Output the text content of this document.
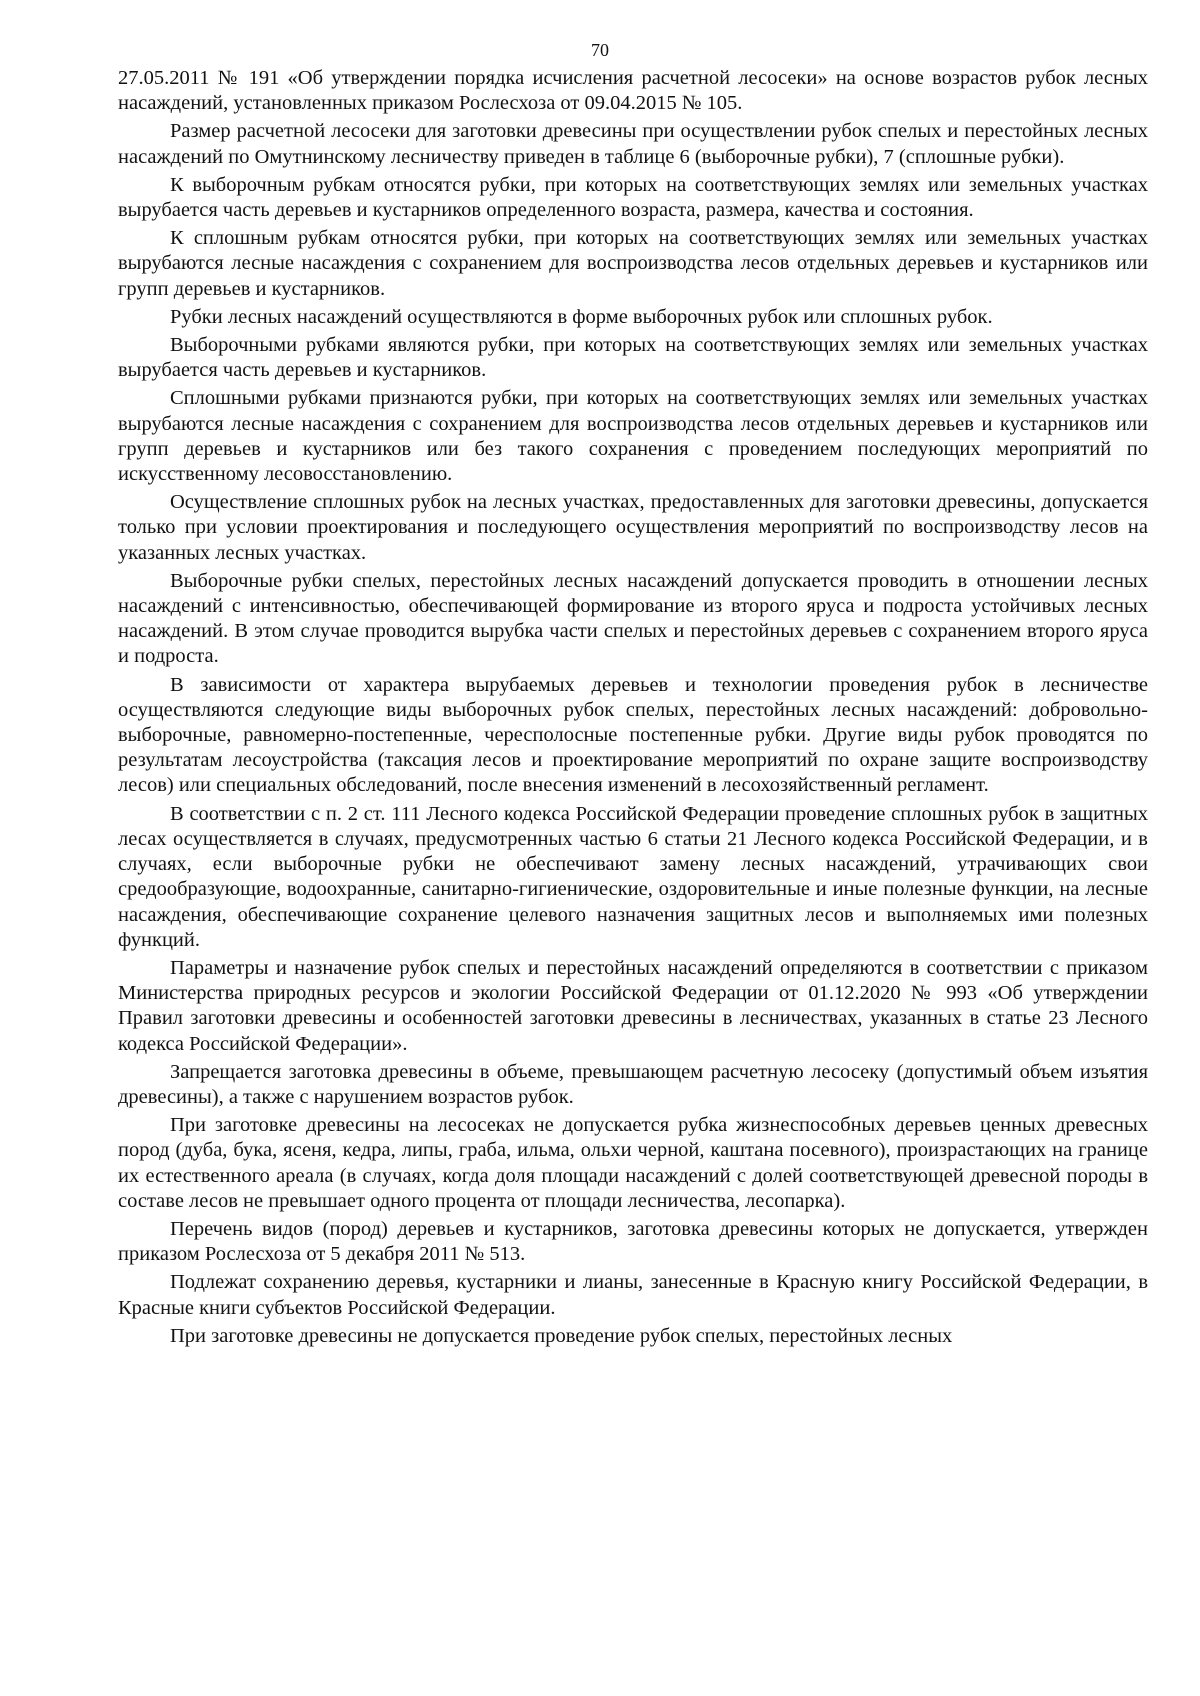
70

27.05.2011 № 191 «Об утверждении порядка исчисления расчетной лесосеки» на основе возрастов рубок лесных насаждений, установленных приказом Рослесхоза от 09.04.2015 № 105.

Размер расчетной лесосеки для заготовки древесины при осуществлении рубок спелых и перестойных лесных насаждений по Омутнинскому лесничеству приведен в таблице 6 (выборочные рубки), 7 (сплошные рубки).

К выборочным рубкам относятся рубки, при которых на соответствующих землях или земельных участках вырубается часть деревьев и кустарников определенного возраста, размера, качества и состояния.

К сплошным рубкам относятся рубки, при которых на соответствующих землях или земельных участках вырубаются лесные насаждения с сохранением для воспроизводства лесов отдельных деревьев и кустарников или групп деревьев и кустарников.

Рубки лесных насаждений осуществляются в форме выборочных рубок или сплошных рубок.

Выборочными рубками являются рубки, при которых на соответствующих землях или земельных участках вырубается часть деревьев и кустарников.

Сплошными рубками признаются рубки, при которых на соответствующих землях или земельных участках вырубаются лесные насаждения с сохранением для воспроизводства лесов отдельных деревьев и кустарников или групп деревьев и кустарников или без такого сохранения с проведением последующих мероприятий по искусственному лесовосстановлению.

Осуществление сплошных рубок на лесных участках, предоставленных для заготовки древесины, допускается только при условии проектирования и последующего осуществления мероприятий по воспроизводству лесов на указанных лесных участках.

Выборочные рубки спелых, перестойных лесных насаждений допускается проводить в отношении лесных насаждений с интенсивностью, обеспечивающей формирование из второго яруса и подроста устойчивых лесных насаждений. В этом случае проводится вырубка части спелых и перестойных деревьев с сохранением второго яруса и подроста.

В зависимости от характера вырубаемых деревьев и технологии проведения рубок в лесничестве осуществляются следующие виды выборочных рубок спелых, перестойных лесных насаждений: добровольно-выборочные, равномерно-постепенные, чересполосные постепенные рубки. Другие виды рубок проводятся по результатам лесоустройства (таксация лесов и проектирование мероприятий по охране защите воспроизводству лесов) или специальных обследований, после внесения изменений в лесохозяйственный регламент.

В соответствии с п. 2 ст. 111 Лесного кодекса Российской Федерации проведение сплошных рубок в защитных лесах осуществляется в случаях, предусмотренных частью 6 статьи 21 Лесного кодекса Российской Федерации, и в случаях, если выборочные рубки не обеспечивают замену лесных насаждений, утрачивающих свои средообразующие, водоохранные, санитарно-гигиенические, оздоровительные и иные полезные функции, на лесные насаждения, обеспечивающие сохранение целевого назначения защитных лесов и выполняемых ими полезных функций.

Параметры и назначение рубок спелых и перестойных насаждений определяются в соответствии с приказом Министерства природных ресурсов и экологии Российской Федерации от 01.12.2020 № 993 «Об утверждении Правил заготовки древесины и особенностей заготовки древесины в лесничествах, указанных в статье 23 Лесного кодекса Российской Федерации».

Запрещается заготовка древесины в объеме, превышающем расчетную лесосеку (допустимый объем изъятия древесины), а также с нарушением возрастов рубок.

При заготовке древесины на лесосеках не допускается рубка жизнеспособных деревьев ценных древесных пород (дуба, бука, ясеня, кедра, липы, граба, ильма, ольхи черной, каштана посевного), произрастающих на границе их естественного ареала (в случаях, когда доля площади насаждений с долей соответствующей древесной породы в составе лесов не превышает одного процента от площади лесничества, лесопарка).

Перечень видов (пород) деревьев и кустарников, заготовка древесины которых не допускается, утвержден приказом Рослесхоза от 5 декабря 2011 № 513.

Подлежат сохранению деревья, кустарники и лианы, занесенные в Красную книгу Российской Федерации, в Красные книги субъектов Российской Федерации.

При заготовке древесины не допускается проведение рубок спелых, перестойных лесных
